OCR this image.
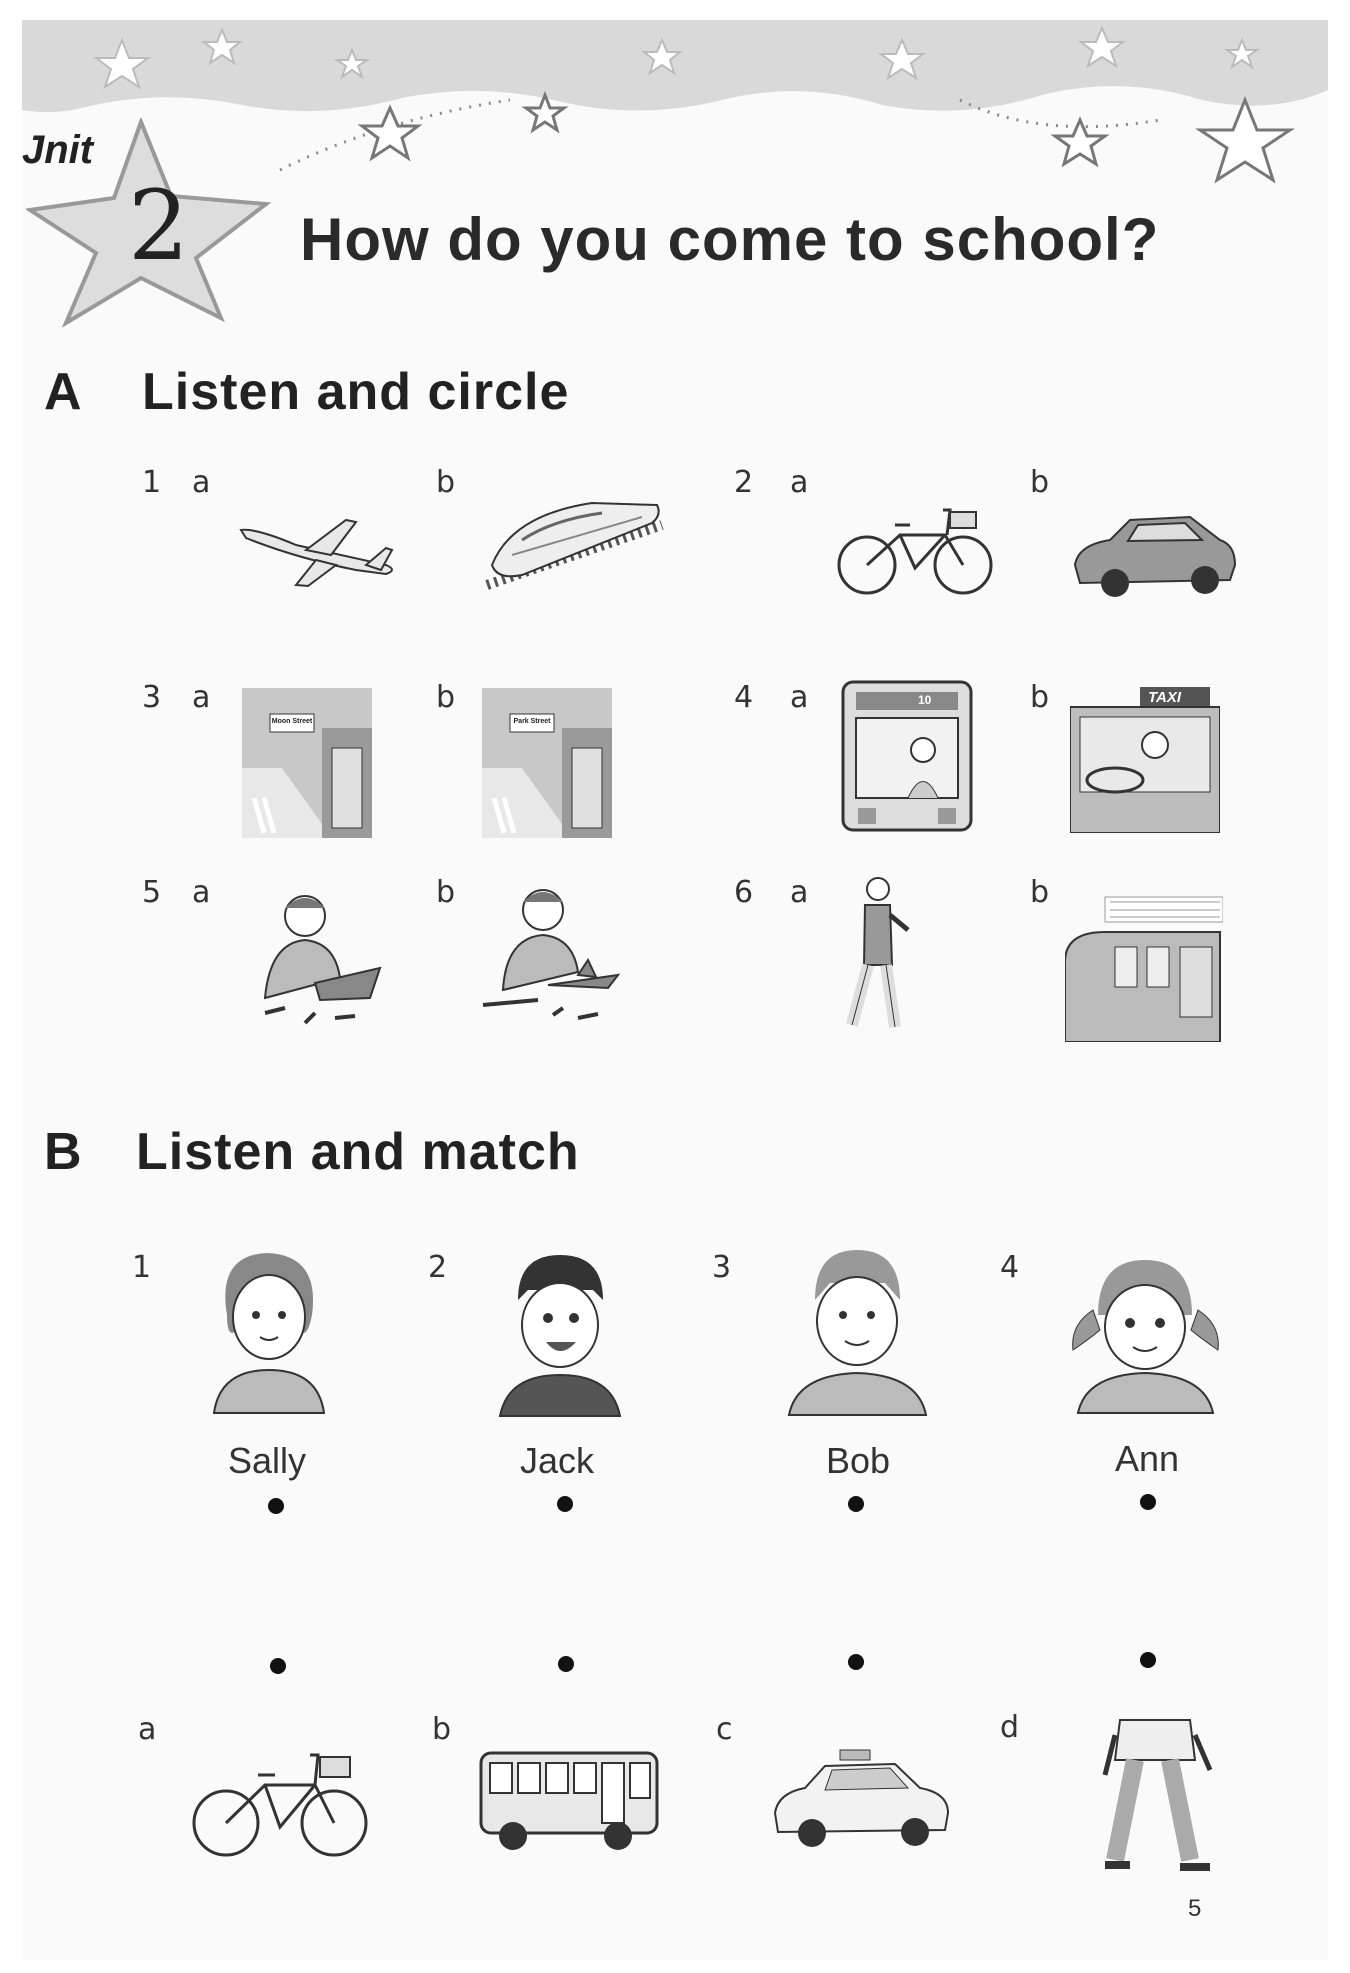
Jnit
2 How do you come to school?
A Listen and circle
1 a	b	2 a	b
3 a
Moon Street
b
Park Street
4 a	10	b	TAXI
5 a	b	6 a	b
B Listen and match
1
Sally
2
Jack
3
Bob
4
Ann
a	b	c	d
5
